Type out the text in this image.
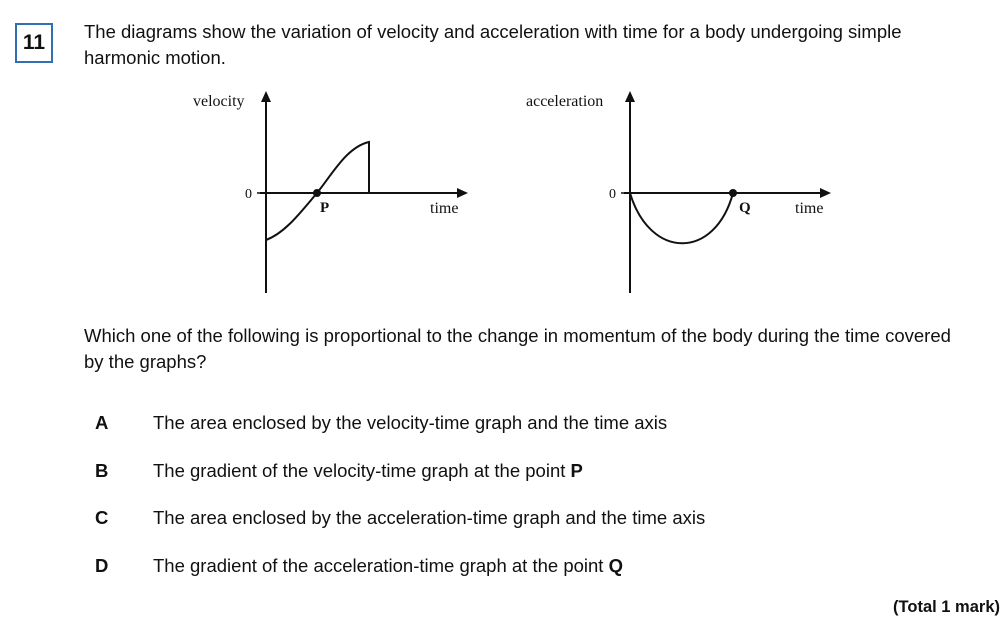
11 The diagrams show the variation of velocity and acceleration with time for a body undergoing simple harmonic motion.
velocity
0
P	time
acceleration
0
Q	time
Which one of the following is proportional to the change in momentum of the body during the time covered by the graphs?
A	The area enclosed by the velocity-time graph and the time axis
B	The gradient of the velocity-time graph at the point P
C	The area enclosed by the acceleration-time graph and the time axis
D	The gradient of the acceleration-time graph at the point Q
(Total 1 mark)
